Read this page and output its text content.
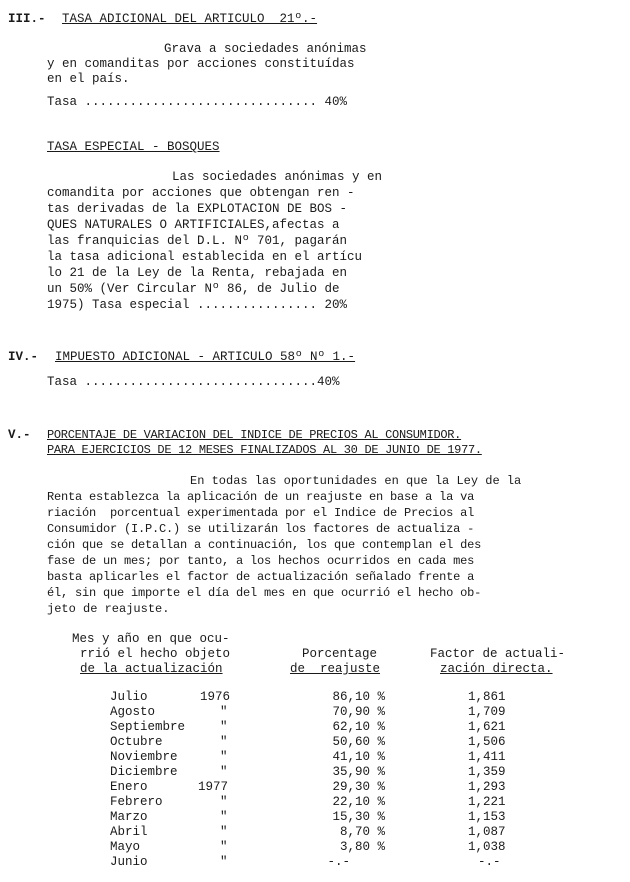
III.- TASA ADICIONAL DEL ARTICULO  21º.-
Grava a sociedades anónimas
y en comanditas por acciones constituídas
en el país.
Tasa ............................... 40%
TASA ESPECIAL - BOSQUES
Las sociedades anónimas y en
comandita por acciones que obtengan ren -
tas derivadas de la EXPLOTACION DE BOS -
QUES NATURALES O ARTIFICIALES,afectas a
las franquicias del D.L. Nº 701, pagarán
la tasa adicional establecida en el artícu
lo 21 de la Ley de la Renta, rebajada en
un 50% (Ver Circular Nº 86, de Julio de
1975) Tasa especial ................ 20%
IV.- IMPUESTO ADICIONAL - ARTICULO 58º Nº 1.-
Tasa ...............................40%
V.- PORCENTAJE DE VARIACION DEL INDICE DE PRECIOS AL CONSUMIDOR.
PARA EJERCICIOS DE 12 MESES FINALIZADOS AL 30 DE JUNIO DE 1977.
En todas las oportunidades en que la Ley de la
Renta establezca la aplicación de un reajuste en base a la va
riación  porcentual experimentada por el Indice de Precios al
Consumidor (I.P.C.) se utilizarán los factores de actualiza -
ción que se detallan a continuación, los que contemplan el des
fase de un mes; por tanto, a los hechos ocurridos en cada mes
basta aplicarles el factor de actualización señalado frente a
él, sin que importe el día del mes en que ocurrió el hecho ob-
jeto de reajuste.
Mes y año en que ocu-
rrió el hecho objeto
de la actualización
Porcentage
de  reajuste
Factor de actuali-
zación directa.
Julio	1976	86,10 %	1,861
Agosto	"	70,90 %	1,709
Septiembre	"	62,10 %	1,621
Octubre	"	50,60 %	1,506
Noviembre	"	41,10 %	1,411
Diciembre	"	35,90 %	1,359
Enero	1977	29,30 %	1,293
Febrero	"	22,10 %	1,221
Marzo	"	15,30 %	1,153
Abril	"	8,70 %	1,087
Mayo	"	3,80 %	1,038
Junio	"	-.-	-.-
